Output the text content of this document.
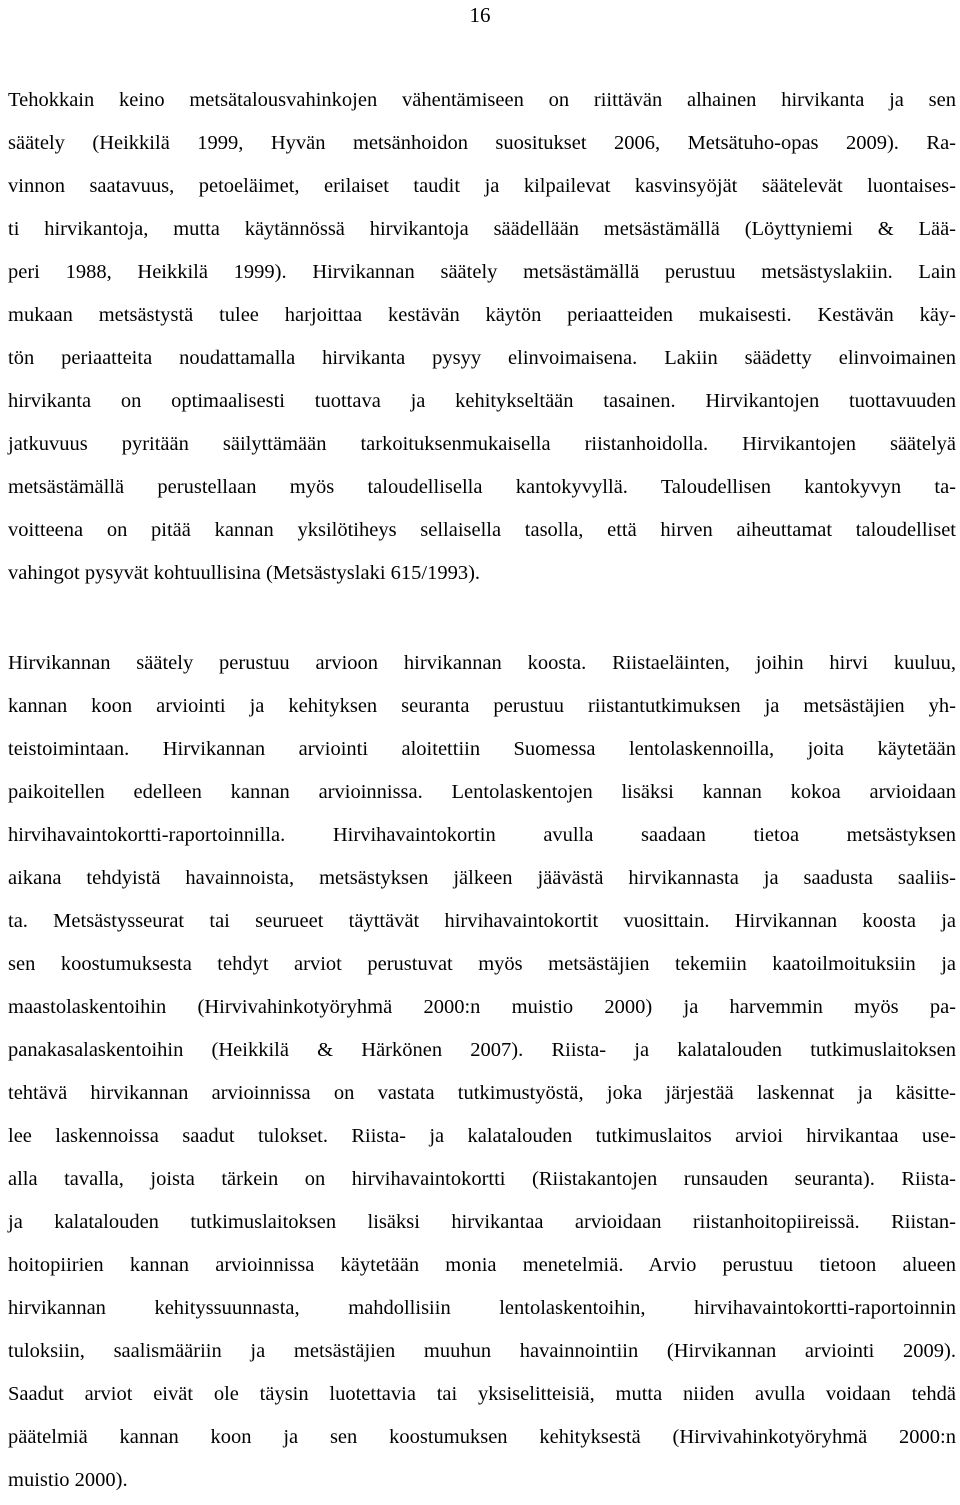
16
Tehokkain keino metsätalousvahinkojen vähentämiseen on riittävän alhainen hirvikanta ja sen
säätely (Heikkilä 1999, Hyvän metsänhoidon suositukset 2006, Metsätuho-opas 2009). Ra-
vinnon saatavuus, petoeläimet, erilaiset taudit ja kilpailevat kasvinsyöjät säätelevät luontaises-
ti hirvikantoja, mutta käytännössä hirvikantoja säädellään metsästämällä (Löyttyniemi & Lää-
peri 1988, Heikkilä 1999). Hirvikannan säätely metsästämällä perustuu metsästyslakiin. Lain
mukaan metsästystä tulee harjoittaa kestävän käytön periaatteiden mukaisesti. Kestävän käy-
tön periaatteita noudattamalla hirvikanta pysyy elinvoimaisena. Lakiin säädetty elinvoimainen
hirvikanta on optimaalisesti tuottava ja kehitykseltään tasainen. Hirvikantojen tuottavuuden
jatkuvuus pyritään säilyttämään tarkoituksenmukaisella riistanhoidolla. Hirvikantojen säätelyä
metsästämällä perustellaan myös taloudellisella kantokyvyllä. Taloudellisen kantokyvyn ta-
voitteena on pitää kannan yksilötiheys sellaisella tasolla, että hirven aiheuttamat taloudelliset
vahingot pysyvät kohtuullisina (Metsästyslaki 615/1993).
Hirvikannan säätely perustuu arvioon hirvikannan koosta. Riistaeläinten, joihin hirvi kuuluu,
kannan koon arviointi ja kehityksen seuranta perustuu riistantutkimuksen ja metsästäjien yh-
teistoimintaan. Hirvikannan arviointi aloitettiin Suomessa lentolaskennoilla, joita käytetään
paikoitellen edelleen kannan arvioinnissa. Lentolaskentojen lisäksi kannan kokoa arvioidaan
hirvihavaintokortti-raportoinnilla. Hirvihavaintokortin avulla saadaan tietoa metsästyksen
aikana tehdyistä havainnoista, metsästyksen jälkeen jäävästä hirvikannasta ja saadusta saaliis-
ta. Metsästysseurat tai seurueet täyttävät hirvihavaintokortit vuosittain. Hirvikannan koosta ja
sen koostumuksesta tehdyt arviot perustuvat myös metsästäjien tekemiin kaatoilmoituksiin ja
maastolaskentoihin (Hirvivahinkotyöryhmä 2000:n muistio 2000) ja harvemmin myös pa-
panakasalaskentoihin (Heikkilä & Härkönen 2007). Riista- ja kalatalouden tutkimuslaitoksen
tehtävä hirvikannan arvioinnissa on vastata tutkimustyöstä, joka järjestää laskennat ja käsitte-
lee laskennoissa saadut tulokset. Riista- ja kalatalouden tutkimuslaitos arvioi hirvikantaa use-
alla tavalla, joista tärkein on hirvihavaintokortti (Riistakantojen runsauden seuranta). Riista-
ja kalatalouden tutkimuslaitoksen lisäksi hirvikantaa arvioidaan riistanhoitopiireissä. Riistan-
hoitopiirien kannan arvioinnissa käytetään monia menetelmiä. Arvio perustuu tietoon alueen
hirvikannan kehityssuunnasta, mahdollisiin lentolaskentoihin, hirvihavaintokortti-raportoinnin
tuloksiin, saalismääriin ja metsästäjien muuhun havainnointiin (Hirvikannan arviointi 2009).
Saadut arviot eivät ole täysin luotettavia tai yksiselitteisiä, mutta niiden avulla voidaan tehdä
päätelmiä kannan koon ja sen koostumuksen kehityksestä (Hirvivahinkotyöryhmä 2000:n
muistio 2000).
